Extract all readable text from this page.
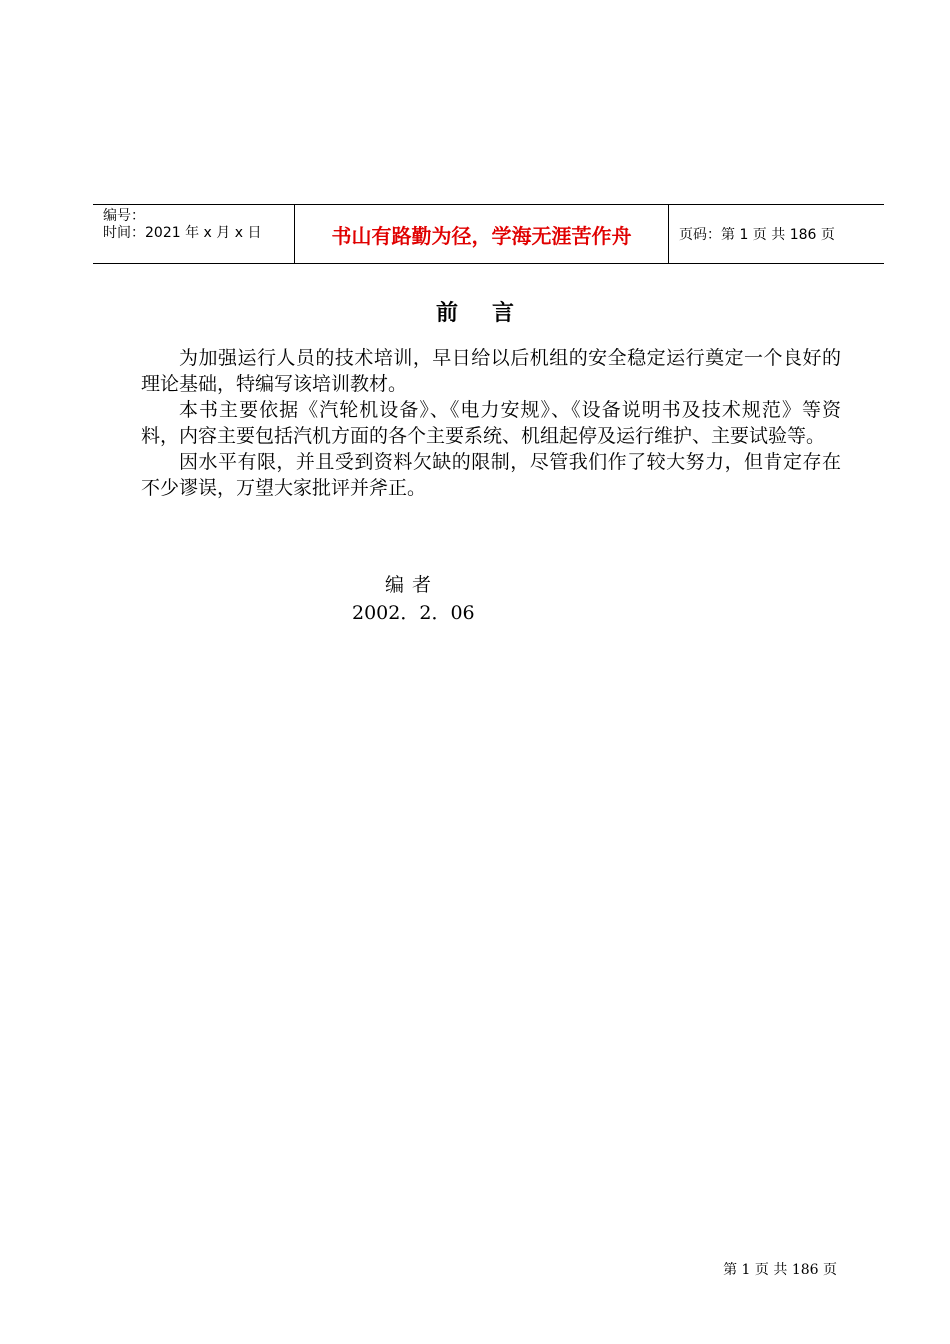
编号：
时间：2021 年 x 月 x 日	书山有路勤为径，学海无涯苦作舟	页码：第 1 页 共 186 页
前言

为加强运行人员的技术培训，早日给以后机组的安全稳定运行奠定一个良好的理论基础，特编写该培训教材。

本书主要依据《汽轮机设备》、《电力安规》、《设备说明书及技术规范》等资料，内容主要包括汽机方面的各个主要系统、机组起停及运行维护、主要试验等。

因水平有限，并且受到资料欠缺的限制，尽管我们作了较大努力，但肯定存在不少谬误，万望大家批评并斧正。

编者
2002．2．06
第 1 页 共 186 页
